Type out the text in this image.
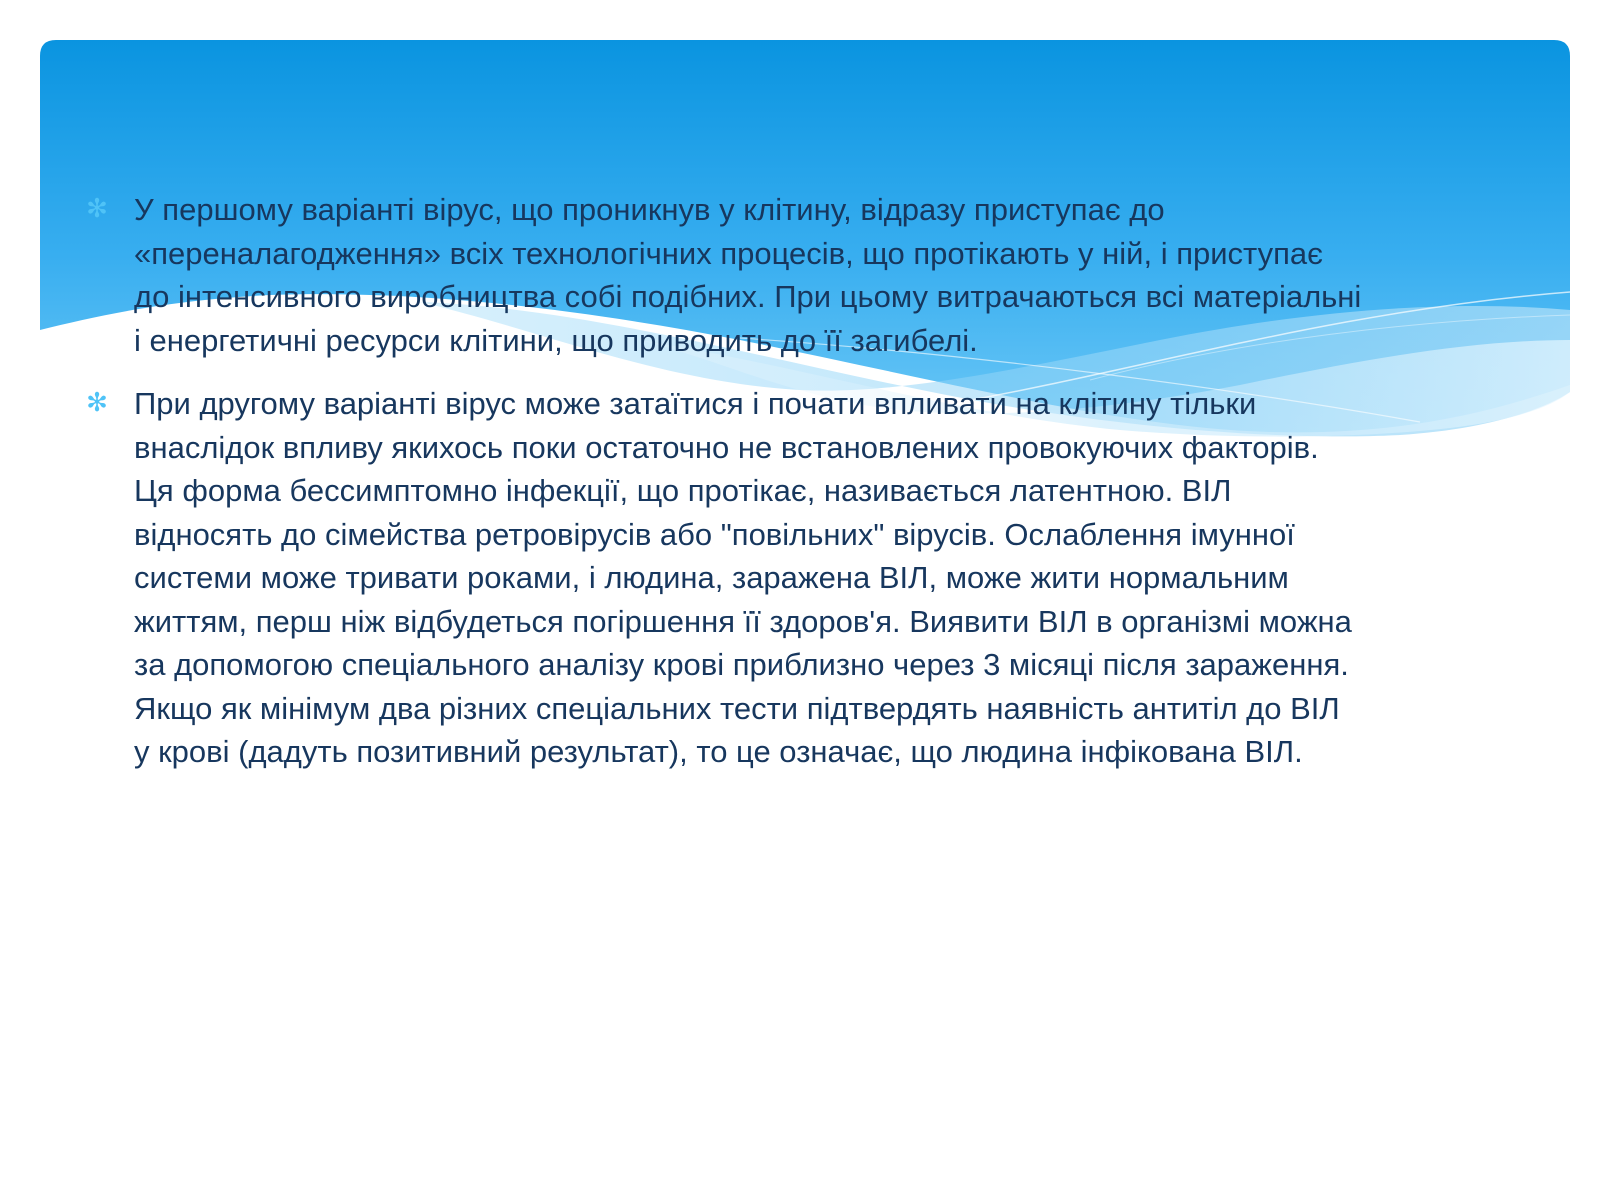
✻ У першому варіанті вірус, що проникнув у клітину, відразу приступає до «переналагодження» всіх технологічних процесів, що протікають у ній, і приступає до інтенсивного виробництва собі подібних. При цьому витрачаються всі матеріальні і енергетичні ресурси клітини, що приводить до її загибелі.
✻ При другому варіанті вірус може затаїтися і почати впливати на клітину тільки внаслідок впливу якихось поки остаточно не встановлених провокуючих факторів. Ця форма бессимптомно інфекції, що протікає, називається латентною. ВІЛ відносять до сімейства ретровірусів або "повільних" вірусів. Ослаблення імунної системи може тривати роками, і людина, заражена ВІЛ, може жити нормальним життям, перш ніж відбудеться погіршення її здоров'я. Виявити ВІЛ в організмі можна за допомогою спеціального аналізу крові приблизно через 3 місяці після зараження. Якщо як мінімум два різних спеціальних тести підтвердять наявність антитіл до ВІЛ у крові (дадуть позитивний результат), то це означає, що людина інфікована ВІЛ.
